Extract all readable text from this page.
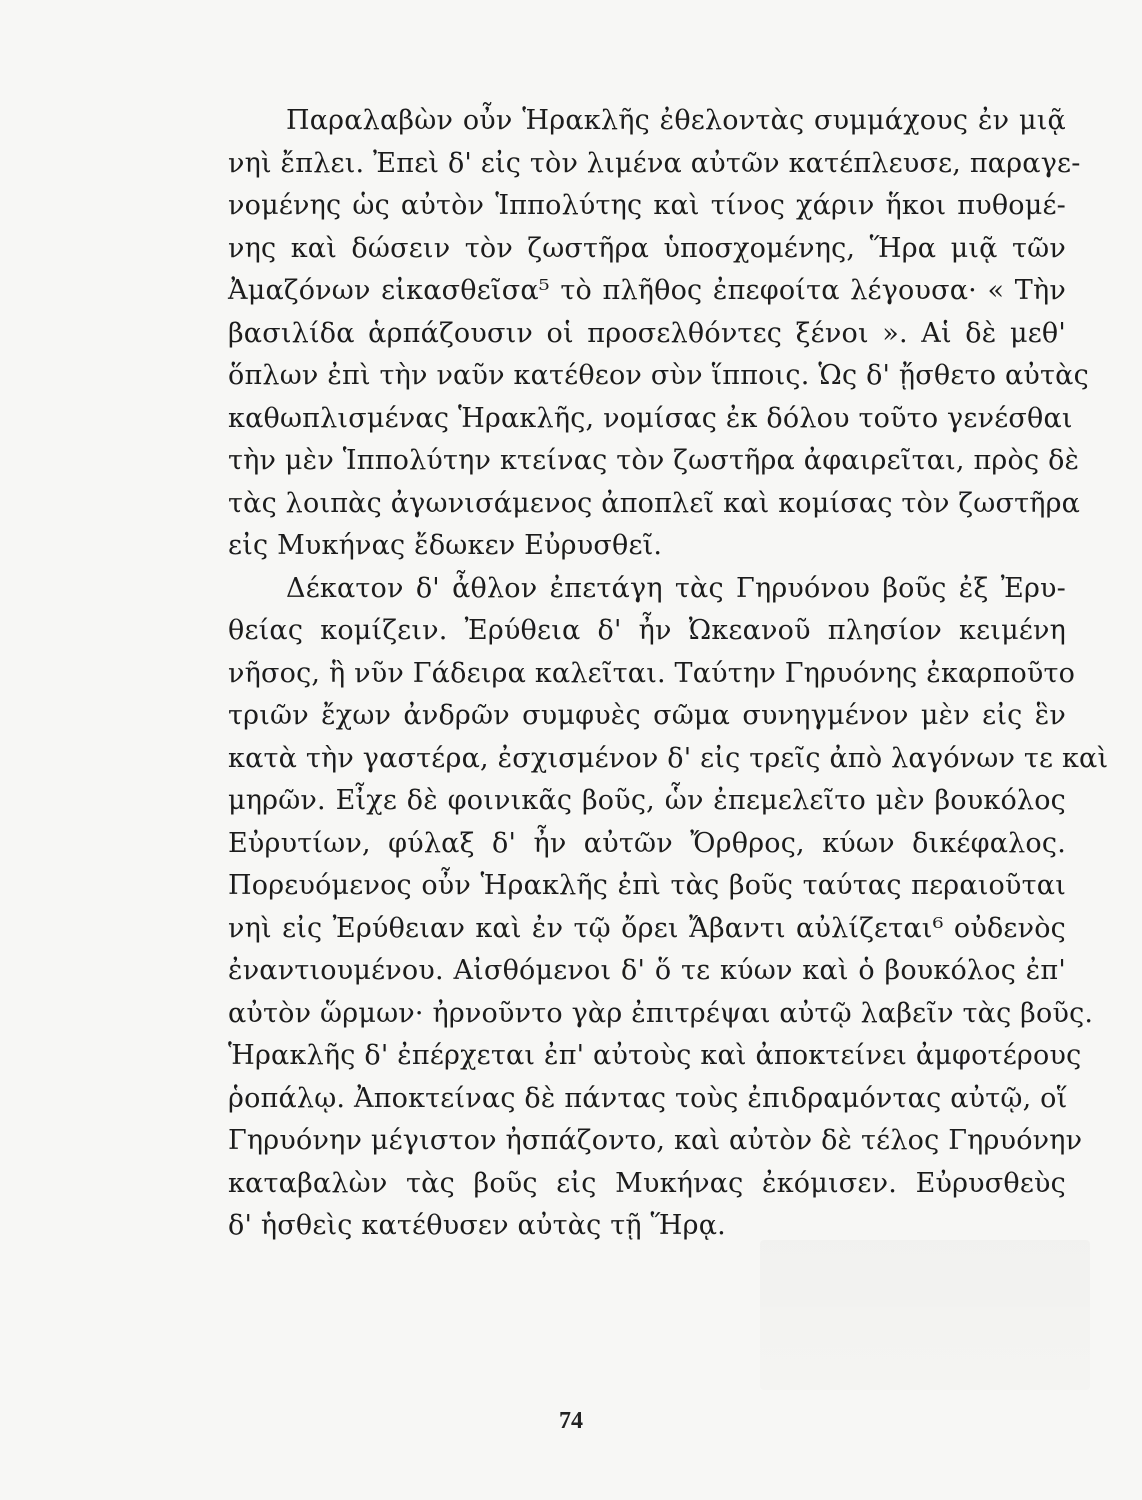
Παραλαβὼν οὖν Ἡρακλῆς ἐθελοντὰς συμμάχους ἐν μιᾷ
νηὶ ἔπλει. Ἐπεὶ δ' εἰς τὸν λιμένα αὐτῶν κατέπλευσε, παραγε-
νομένης ὡς αὐτὸν Ἱππολύτης καὶ τίνος χάριν ἥκοι πυθομέ-
νης καὶ δώσειν τὸν ζωστῆρα ὑποσχομένης, Ἥρα μιᾷ τῶν
Ἀμαζόνων εἰκασθεῖσα⁵ τὸ πλῆθος ἐπεφοίτα λέγουσα· « Τὴν
βασιλίδα ἁρπάζουσιν οἱ προσελθόντες ξένοι ». Αἱ δὲ μεθ'
ὅπλων ἐπὶ τὴν ναῦν κατέθεον σὺν ἵπποις. Ὡς δ' ᾔσθετο αὐτὰς
καθωπλισμένας Ἡρακλῆς, νομίσας ἐκ δόλου τοῦτο γενέσθαι
τὴν μὲν Ἱππολύτην κτείνας τὸν ζωστῆρα ἀφαιρεῖται, πρὸς δὲ
τὰς λοιπὰς ἀγωνισάμενος ἀποπλεῖ καὶ κομίσας τὸν ζωστῆρα
εἰς Μυκήνας ἔδωκεν Εὐρυσθεῖ.
Δέκατον δ' ἆθλον ἐπετάγη τὰς Γηρυόνου βοῦς ἐξ Ἐρυ-
θείας κομίζειν. Ἐρύθεια δ' ἦν Ὠκεανοῦ πλησίον κειμένη
νῆσος, ἣ νῦν Γάδειρα καλεῖται. Ταύτην Γηρυόνης ἐκαρποῦτο
τριῶν ἔχων ἀνδρῶν συμφυὲς σῶμα συνηγμένον μὲν εἰς ἓν
κατὰ τὴν γαστέρα, ἐσχισμένον δ' εἰς τρεῖς ἀπὸ λαγόνων τε καὶ
μηρῶν. Εἶχε δὲ φοινικᾶς βοῦς, ὧν ἐπεμελεῖτο μὲν βουκόλος
Εὐρυτίων, φύλαξ δ' ἦν αὐτῶν Ὄρθρος, κύων δικέφαλος.
Πορευόμενος οὖν Ἡρακλῆς ἐπὶ τὰς βοῦς ταύτας περαιοῦται
νηὶ εἰς Ἐρύθειαν καὶ ἐν τῷ ὄρει Ἄβαντι αὐλίζεται⁶ οὐδενὸς
ἐναντιουμένου. Αἰσθόμενοι δ' ὅ τε κύων καὶ ὁ βουκόλος ἐπ'
αὐτὸν ὥρμων· ἠρνοῦντο γὰρ ἐπιτρέψαι αὐτῷ λαβεῖν τὰς βοῦς.
Ἡρακλῆς δ' ἐπέρχεται ἐπ' αὐτοὺς καὶ ἀποκτείνει ἀμφοτέρους
ῥοπάλῳ. Ἀποκτείνας δὲ πάντας τοὺς ἐπιδραμόντας αὐτῷ, οἵ
Γηρυόνην μέγιστον ἠσπάζοντο, καὶ αὐτὸν δὲ τέλος Γηρυόνην
καταβαλὼν τὰς βοῦς εἰς Μυκήνας ἐκόμισεν. Εὐρυσθεὺς
δ' ἡσθεὶς κατέθυσεν αὐτὰς τῇ Ἥρᾳ.
74
